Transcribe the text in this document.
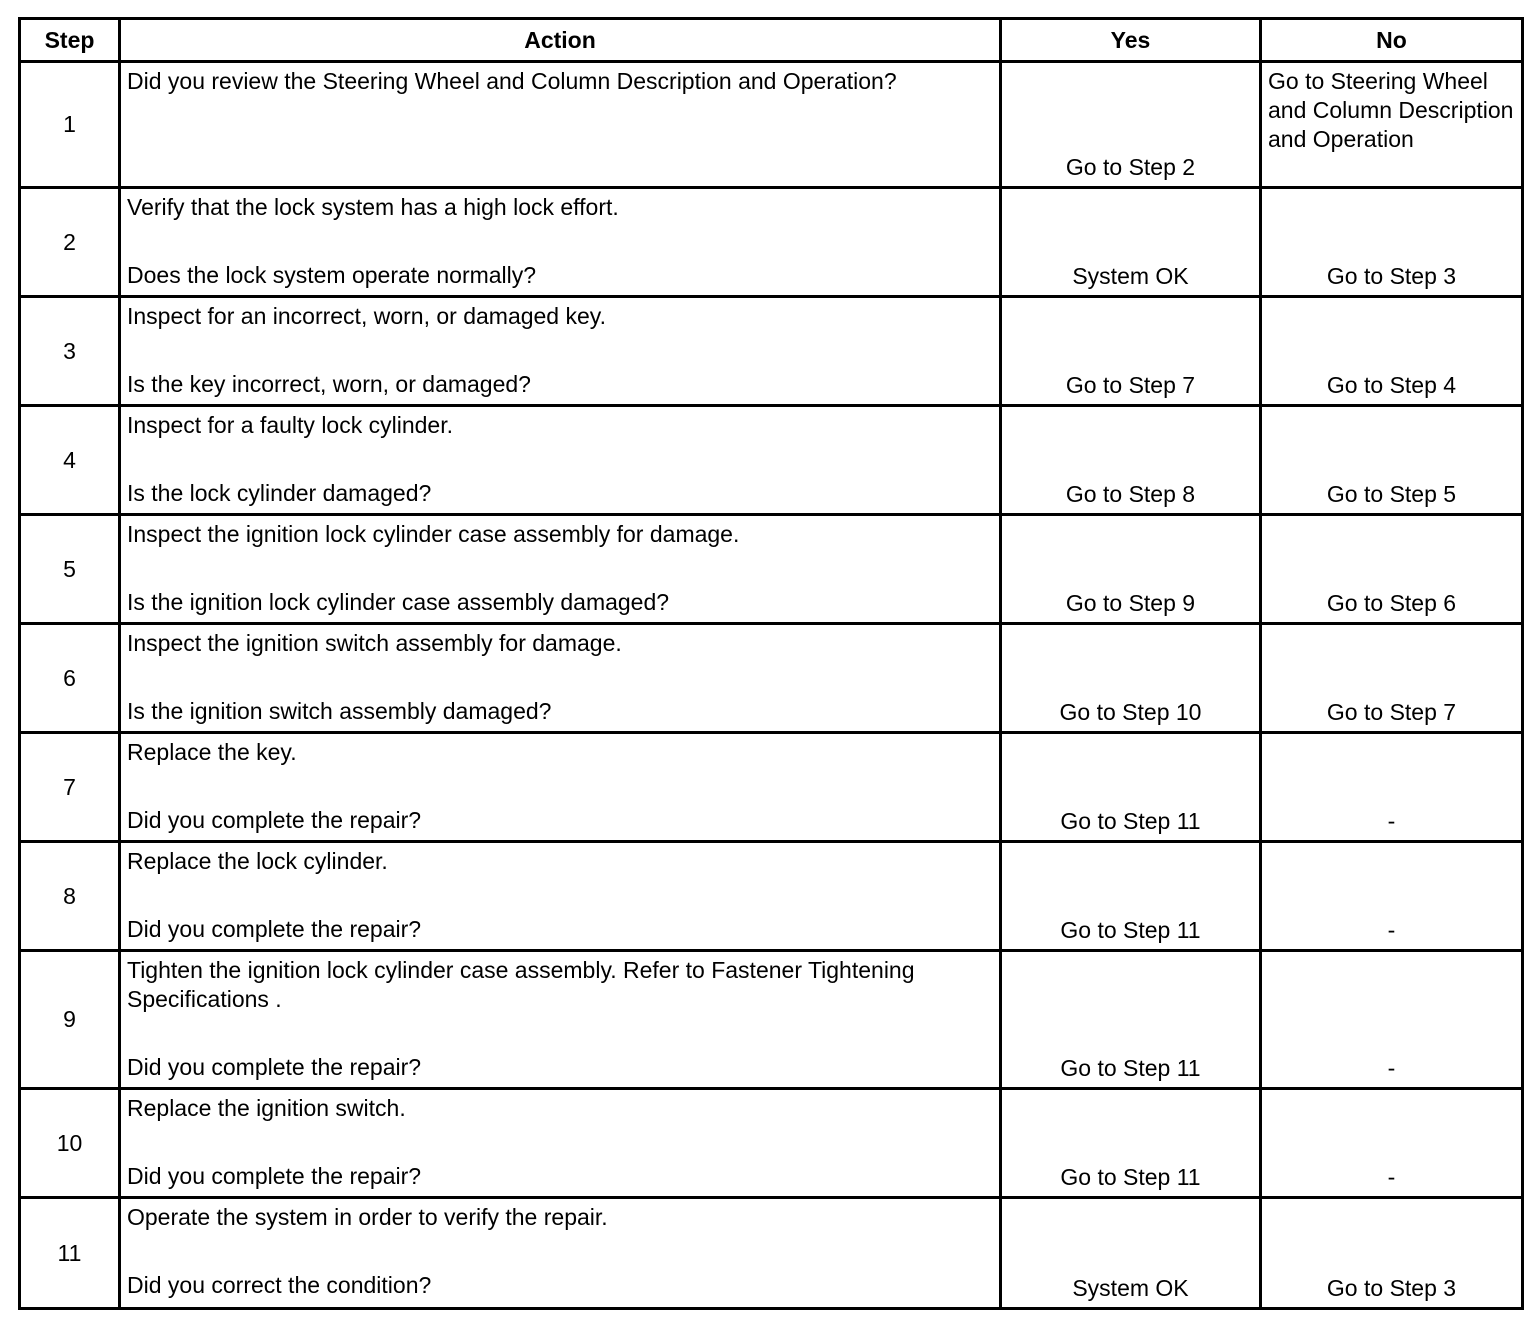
Step	Action	Yes	No
1	Did you review the Steering Wheel and Column Description and Operation?	Go to Step 2	Go to Steering Wheel and Column Description and Operation
2	Verify that the lock system has a high lock effort.
Does the lock system operate normally?	System OK	Go to Step 3
3	Inspect for an incorrect, worn, or damaged key.
Is the key incorrect, worn, or damaged?	Go to Step 7	Go to Step 4
4	Inspect for a faulty lock cylinder.
Is the lock cylinder damaged?	Go to Step 8	Go to Step 5
5	Inspect the ignition lock cylinder case assembly for damage.
Is the ignition lock cylinder case assembly damaged?	Go to Step 9	Go to Step 6
6	Inspect the ignition switch assembly for damage.
Is the ignition switch assembly damaged?	Go to Step 10	Go to Step 7
7	Replace the key.
Did you complete the repair?	Go to Step 11	-
8	Replace the lock cylinder.
Did you complete the repair?	Go to Step 11	-
9	Tighten the ignition lock cylinder case assembly. Refer to Fastener Tightening Specifications .
Did you complete the repair?	Go to Step 11	-
10	Replace the ignition switch.
Did you complete the repair?	Go to Step 11	-
11	Operate the system in order to verify the repair.
Did you correct the condition?	System OK	Go to Step 3
